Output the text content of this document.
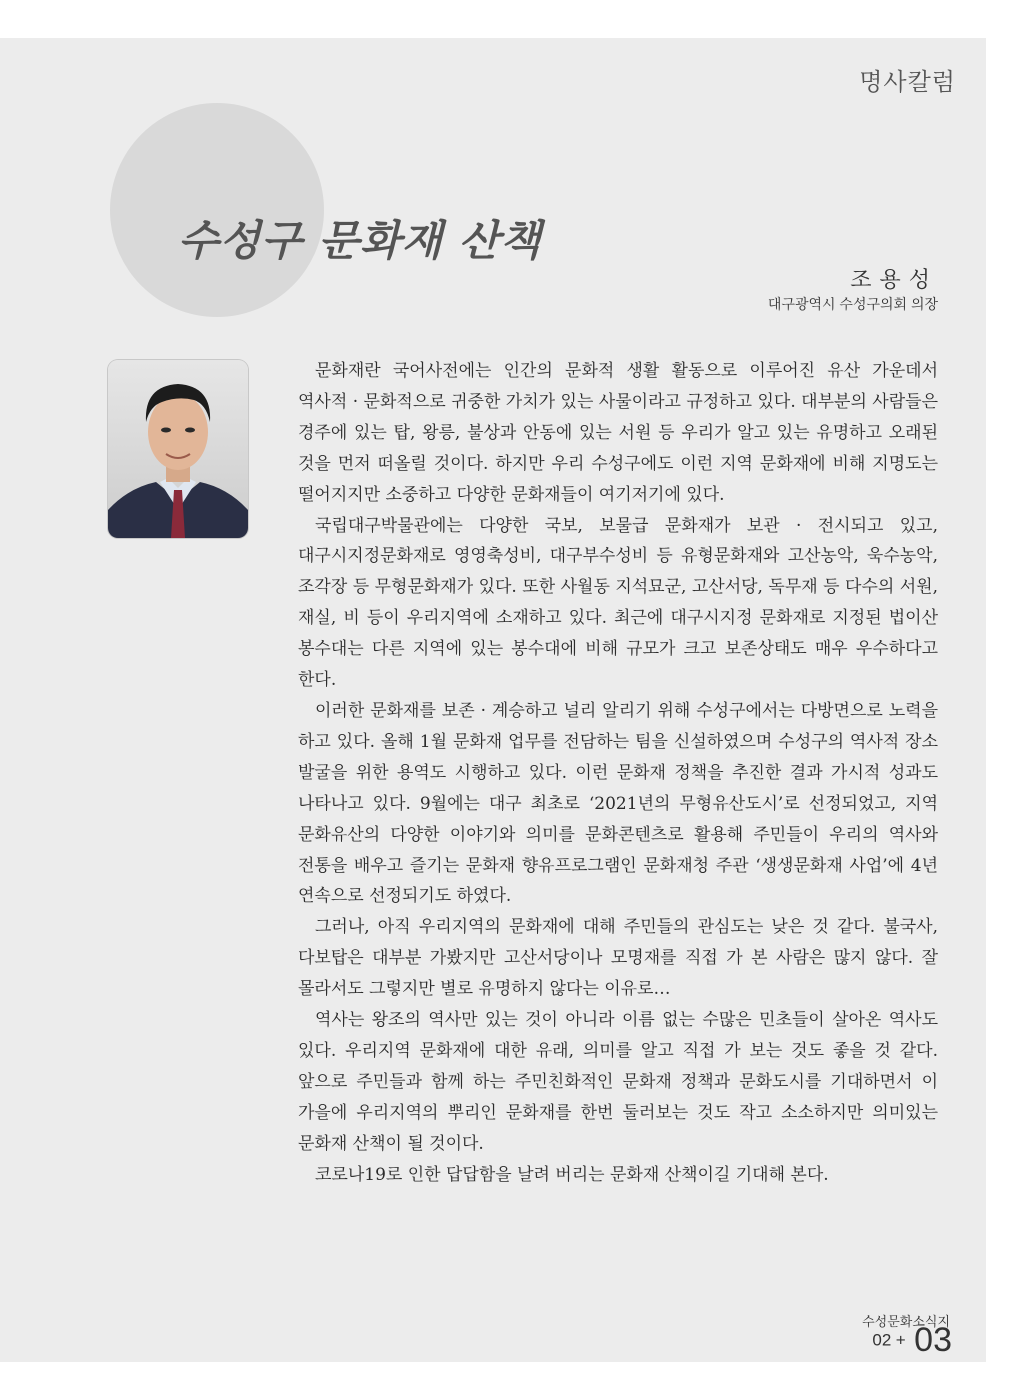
명사칼럼
수성구 문화재 산책
조용성
대구광역시 수성구의회 의장

문화재란 국어사전에는 인간의 문화적 생활 활동으로 이루어진 유산 가운데서 역사적 · 문화적으로 귀중한 가치가 있는 사물이라고 규정하고 있다. 대부분의 사람들은 경주에 있는 탑, 왕릉, 불상과 안동에 있는 서원 등 우리가 알고 있는 유명하고 오래된 것을 먼저 떠올릴 것이다. 하지만 우리 수성구에도 이런 지역 문화재에 비해 지명도는 떨어지지만 소중하고 다양한 문화재들이 여기저기에 있다.

국립대구박물관에는 다양한 국보, 보물급 문화재가 보관 · 전시되고 있고, 대구시지정문화재로 영영축성비, 대구부수성비 등 유형문화재와 고산농악, 욱수농악, 조각장 등 무형문화재가 있다. 또한 사월동 지석묘군, 고산서당, 독무재 등 다수의 서원, 재실, 비 등이 우리지역에 소재하고 있다. 최근에 대구시지정 문화재로 지정된 법이산 봉수대는 다른 지역에 있는 봉수대에 비해 규모가 크고 보존상태도 매우 우수하다고 한다.

이러한 문화재를 보존 · 계승하고 널리 알리기 위해 수성구에서는 다방면으로 노력을 하고 있다. 올해 1월 문화재 업무를 전담하는 팀을 신설하였으며 수성구의 역사적 장소 발굴을 위한 용역도 시행하고 있다. 이런 문화재 정책을 추진한 결과 가시적 성과도 나타나고 있다. 9월에는 대구 최초로 ‘2021년의 무형유산도시’로 선정되었고, 지역 문화유산의 다양한 이야기와 의미를 문화콘텐츠로 활용해 주민들이 우리의 역사와 전통을 배우고 즐기는 문화재 향유프로그램인 문화재청 주관 ‘생생문화재 사업’에 4년 연속으로 선정되기도 하였다.

그러나, 아직 우리지역의 문화재에 대해 주민들의 관심도는 낮은 것 같다. 불국사, 다보탑은 대부분 가봤지만 고산서당이나 모명재를 직접 가 본 사람은 많지 않다. 잘 몰라서도 그렇지만 별로 유명하지 않다는 이유로…

역사는 왕조의 역사만 있는 것이 아니라 이름 없는 수많은 민초들이 살아온 역사도 있다. 우리지역 문화재에 대한 유래, 의미를 알고 직접 가 보는 것도 좋을 것 같다. 앞으로 주민들과 함께 하는 주민친화적인 문화재 정책과 문화도시를 기대하면서 이 가을에 우리지역의 뿌리인 문화재를 한번 둘러보는 것도 작고 소소하지만 의미있는 문화재 산책이 될 것이다.

코로나19로 인한 답답함을 날려 버리는 문화재 산책이길 기대해 본다.

수성문화소식지
02 + 03
